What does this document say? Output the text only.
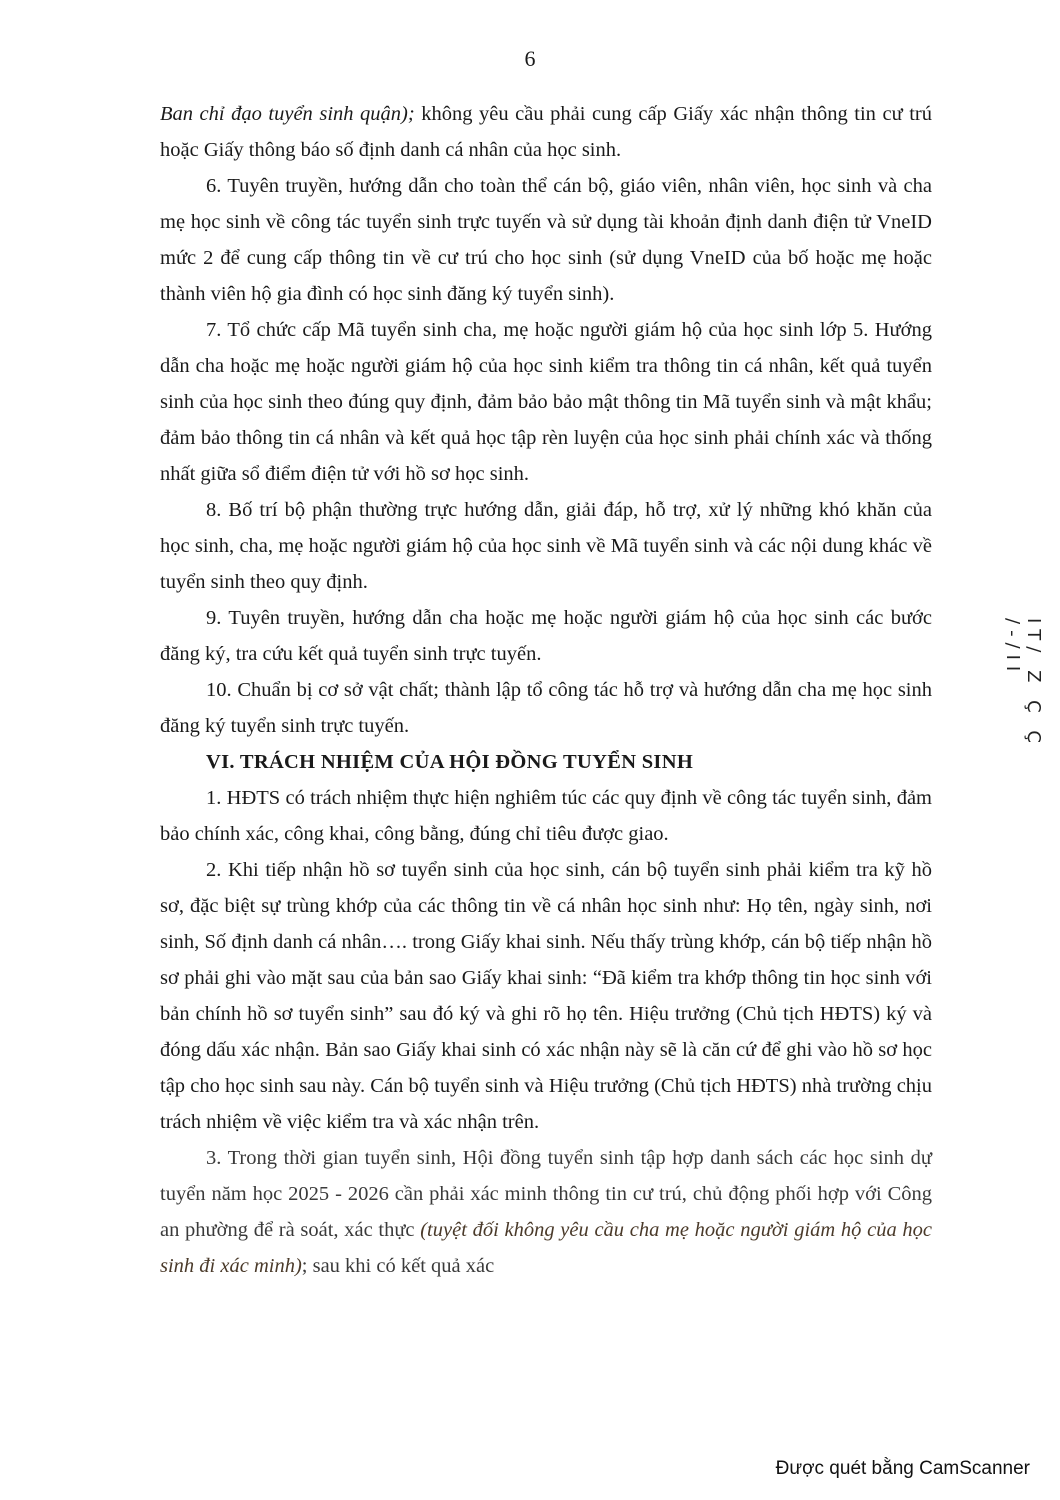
6

Ban chỉ đạo tuyển sinh quận); không yêu cầu phải cung cấp Giấy xác nhận thông tin cư trú hoặc Giấy thông báo số định danh cá nhân của học sinh.

6. Tuyên truyền, hướng dẫn cho toàn thể cán bộ, giáo viên, nhân viên, học sinh và cha mẹ học sinh về công tác tuyển sinh trực tuyến và sử dụng tài khoản định danh điện tử VneID mức 2 để cung cấp thông tin về cư trú cho học sinh (sử dụng VneID của bố hoặc mẹ hoặc thành viên hộ gia đình có học sinh đăng ký tuyển sinh).

7. Tổ chức cấp Mã tuyển sinh cha, mẹ hoặc người giám hộ của học sinh lớp 5. Hướng dẫn cha hoặc mẹ hoặc người giám hộ của học sinh kiểm tra thông tin cá nhân, kết quả tuyển sinh của học sinh theo đúng quy định, đảm bảo bảo mật thông tin Mã tuyển sinh và mật khẩu; đảm bảo thông tin cá nhân và kết quả học tập rèn luyện của học sinh phải chính xác và thống nhất giữa sổ điểm điện tử với hồ sơ học sinh.

8. Bố trí bộ phận thường trực hướng dẫn, giải đáp, hỗ trợ, xử lý những khó khăn của học sinh, cha, mẹ hoặc người giám hộ của học sinh về Mã tuyển sinh và các nội dung khác về tuyển sinh theo quy định.

9. Tuyên truyền, hướng dẫn cha hoặc mẹ hoặc người giám hộ của học sinh các bước đăng ký, tra cứu kết quả tuyển sinh trực tuyến.

10. Chuẩn bị cơ sở vật chất; thành lập tổ công tác hỗ trợ và hướng dẫn cha mẹ học sinh đăng ký tuyển sinh trực tuyến.

VI. TRÁCH NHIỆM CỦA HỘI ĐỒNG TUYỂN SINH

1. HĐTS có trách nhiệm thực hiện nghiêm túc các quy định về công tác tuyển sinh, đảm bảo chính xác, công khai, công bằng, đúng chỉ tiêu được giao.

2. Khi tiếp nhận hồ sơ tuyển sinh của học sinh, cán bộ tuyển sinh phải kiểm tra kỹ hồ sơ, đặc biệt sự trùng khớp của các thông tin về cá nhân học sinh như: Họ tên, ngày sinh, nơi sinh, Số định danh cá nhân…. trong Giấy khai sinh. Nếu thấy trùng khớp, cán bộ tiếp nhận hồ sơ phải ghi vào mặt sau của bản sao Giấy khai sinh: “Đã kiểm tra khớp thông tin học sinh với bản chính hồ sơ tuyển sinh” sau đó ký và ghi rõ họ tên. Hiệu trưởng (Chủ tịch HĐTS) ký và đóng dấu xác nhận. Bản sao Giấy khai sinh có xác nhận này sẽ là căn cứ để ghi vào hồ sơ học tập cho học sinh sau này. Cán bộ tuyển sinh và Hiệu trưởng (Chủ tịch HĐTS) nhà trường chịu trách nhiệm về việc kiểm tra và xác nhận trên.

3. Trong thời gian tuyển sinh, Hội đồng tuyển sinh tập hợp danh sách các học sinh dự tuyển năm học 2025 - 2026 cần phải xác minh thông tin cư trú, chủ động phối hợp với Công an phường để rà soát, xác thực (tuyệt đối không yêu cầu cha mẹ hoặc người giám hộ của học sinh đi xác minh); sau khi có kết quả xác

IT/ Z Ç Ç /-/II
Được quét bằng CamScanner
